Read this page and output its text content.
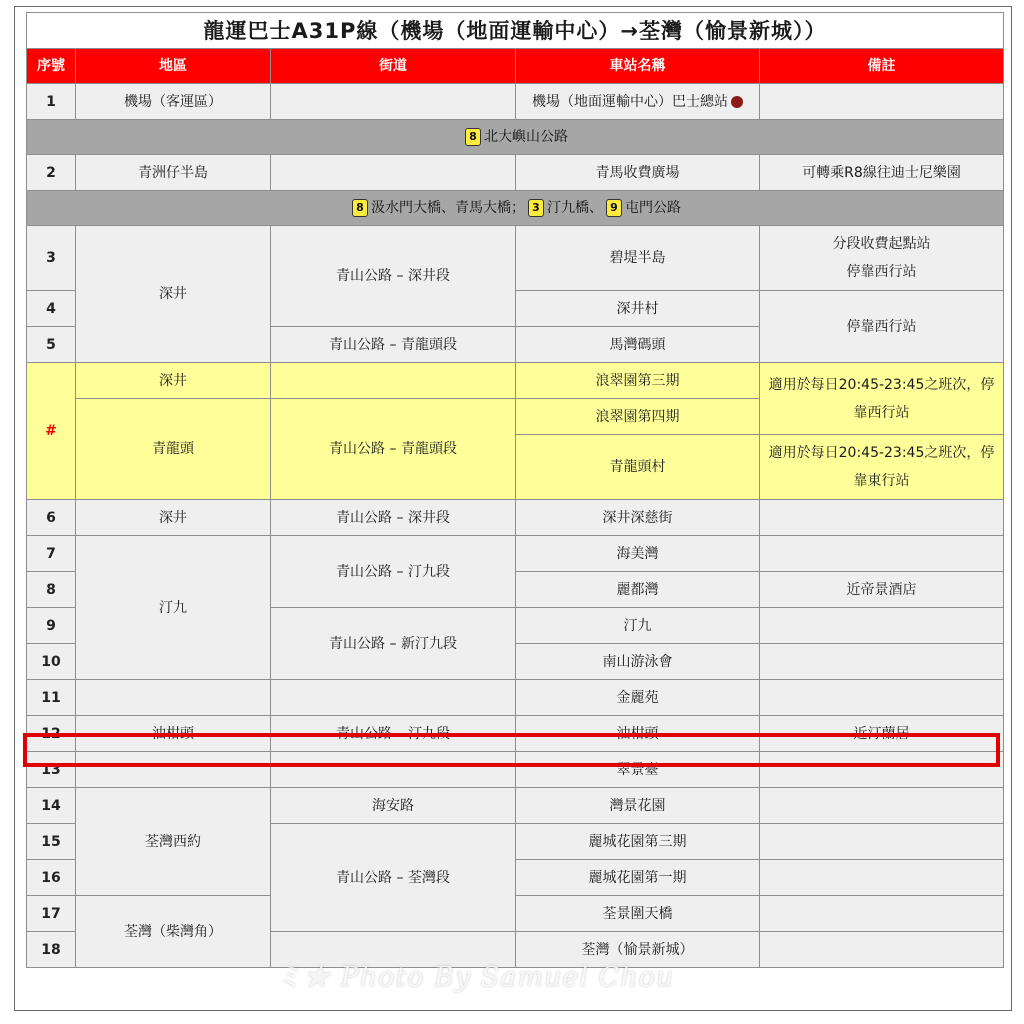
龍運巴士A31P線（機場（地面運輸中心）→荃灣（愉景新城））				
序號	地區	街道	車站名稱	備註
1	機場（客運區）		機場（地面運輸中心）巴士總站	
8 北大嶼山公路				
2	青洲仔半島		青馬收費廣場	可轉乘R8線往迪士尼樂園
8 汲水門大橋、青馬大橋； 3 汀九橋、 9 屯門公路				
3	深井	青山公路 – 深井段	碧堤半島	分段收費起點站
停靠西行站

4			深井村	停靠西行站
5		青山公路 – 青龍頭段	馬灣碼頭	
#	深井		浪翠園第三期	適用於每日20:45-23:45之班次，停靠西行站
	青龍頭	青山公路 – 青龍頭段	浪翠園第四期	
			青龍頭村	適用於每日20:45-23:45之班次，停靠東行站
6	深井	青山公路 – 深井段	深井深慈街	
7	汀九	青山公路 – 汀九段	海美灣	
8			麗都灣	近帝景酒店
9		青山公路 – 新汀九段	汀九	
10			南山游泳會	
11			金麗苑	
12	油柑頭	青山公路 – 汀九段	油柑頭	近汀蘭居
13			翠景臺	
14	荃灣西約	海安路	灣景花園	
15		青山公路 – 荃灣段	麗城花園第三期	
16			麗城花園第一期	
17	荃灣（柴灣角）		荃景圍天橋	
18			荃灣（愉景新城）	
ミ★ Photo By Samuel Chou
